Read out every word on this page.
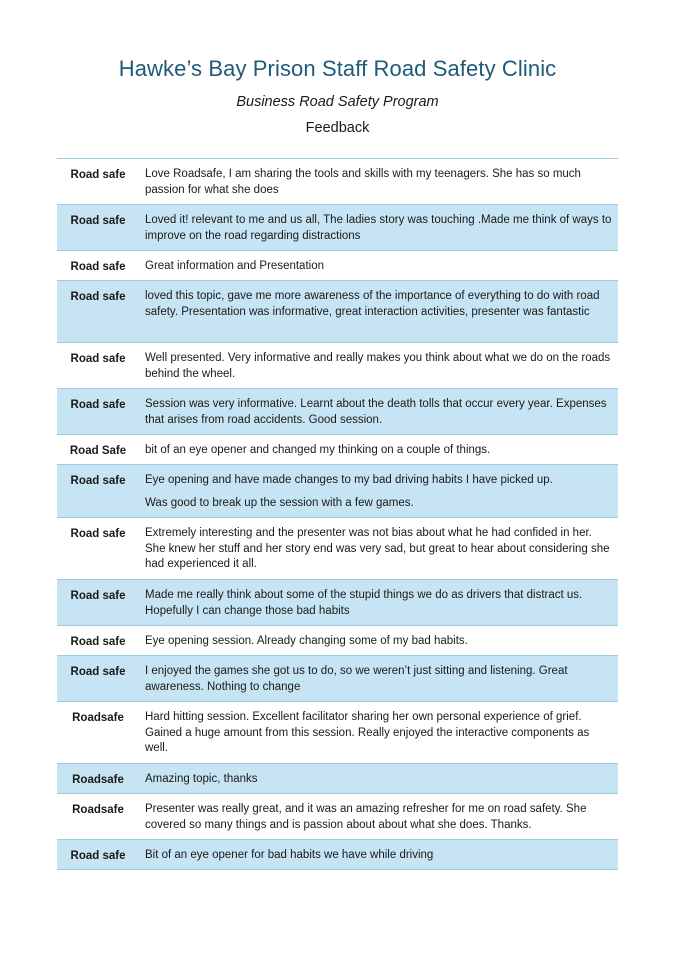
Hawke’s Bay Prison Staff Road Safety Clinic
Business Road Safety Program
Feedback
Road safe	Love Roadsafe, I am sharing the tools and skills with my teenagers. She has so much passion for what she does

Road safe	Loved it! relevant to me and us all, The ladies story was touching .Made me think of ways to improve on the road regarding distractions

Road safe	Great information and Presentation

Road safe	loved this topic, gave me more awareness of the importance of everything to do with road safety. Presentation was informative, great interaction activities, presenter was fantastic

Road safe	Well presented. Very informative and really makes you think about what we do on the roads behind the wheel.

Road safe	Session was very informative. Learnt about the death tolls that occur every year. Expenses that arises from road accidents. Good session.

Road Safe	bit of an eye opener and changed my thinking on a couple of things.

Road safe	Eye opening and have made changes to my bad driving habits I have picked up.

Was good to break up the session with a few games.

Road safe	Extremely interesting and the presenter was not bias about what he had confided in her. She knew her stuff and her story end was very sad, but great to hear about considering she had experienced it all.

Road safe	Made me really think about some of the stupid things we do as drivers that distract us. Hopefully I can change those bad habits

Road safe	Eye opening session. Already changing some of my bad habits.

Road safe	I enjoyed the games she got us to do, so we weren’t just sitting and listening. Great awareness. Nothing to change

Roadsafe	Hard hitting session. Excellent facilitator sharing her own personal experience of grief. Gained a huge amount from this session. Really enjoyed the interactive components as well.

Roadsafe	Amazing topic, thanks

Roadsafe	Presenter was really great, and it was an amazing refresher for me on road safety. She covered so many things and is passion about about what she does. Thanks.

Road safe	Bit of an eye opener for bad habits we have while driving
